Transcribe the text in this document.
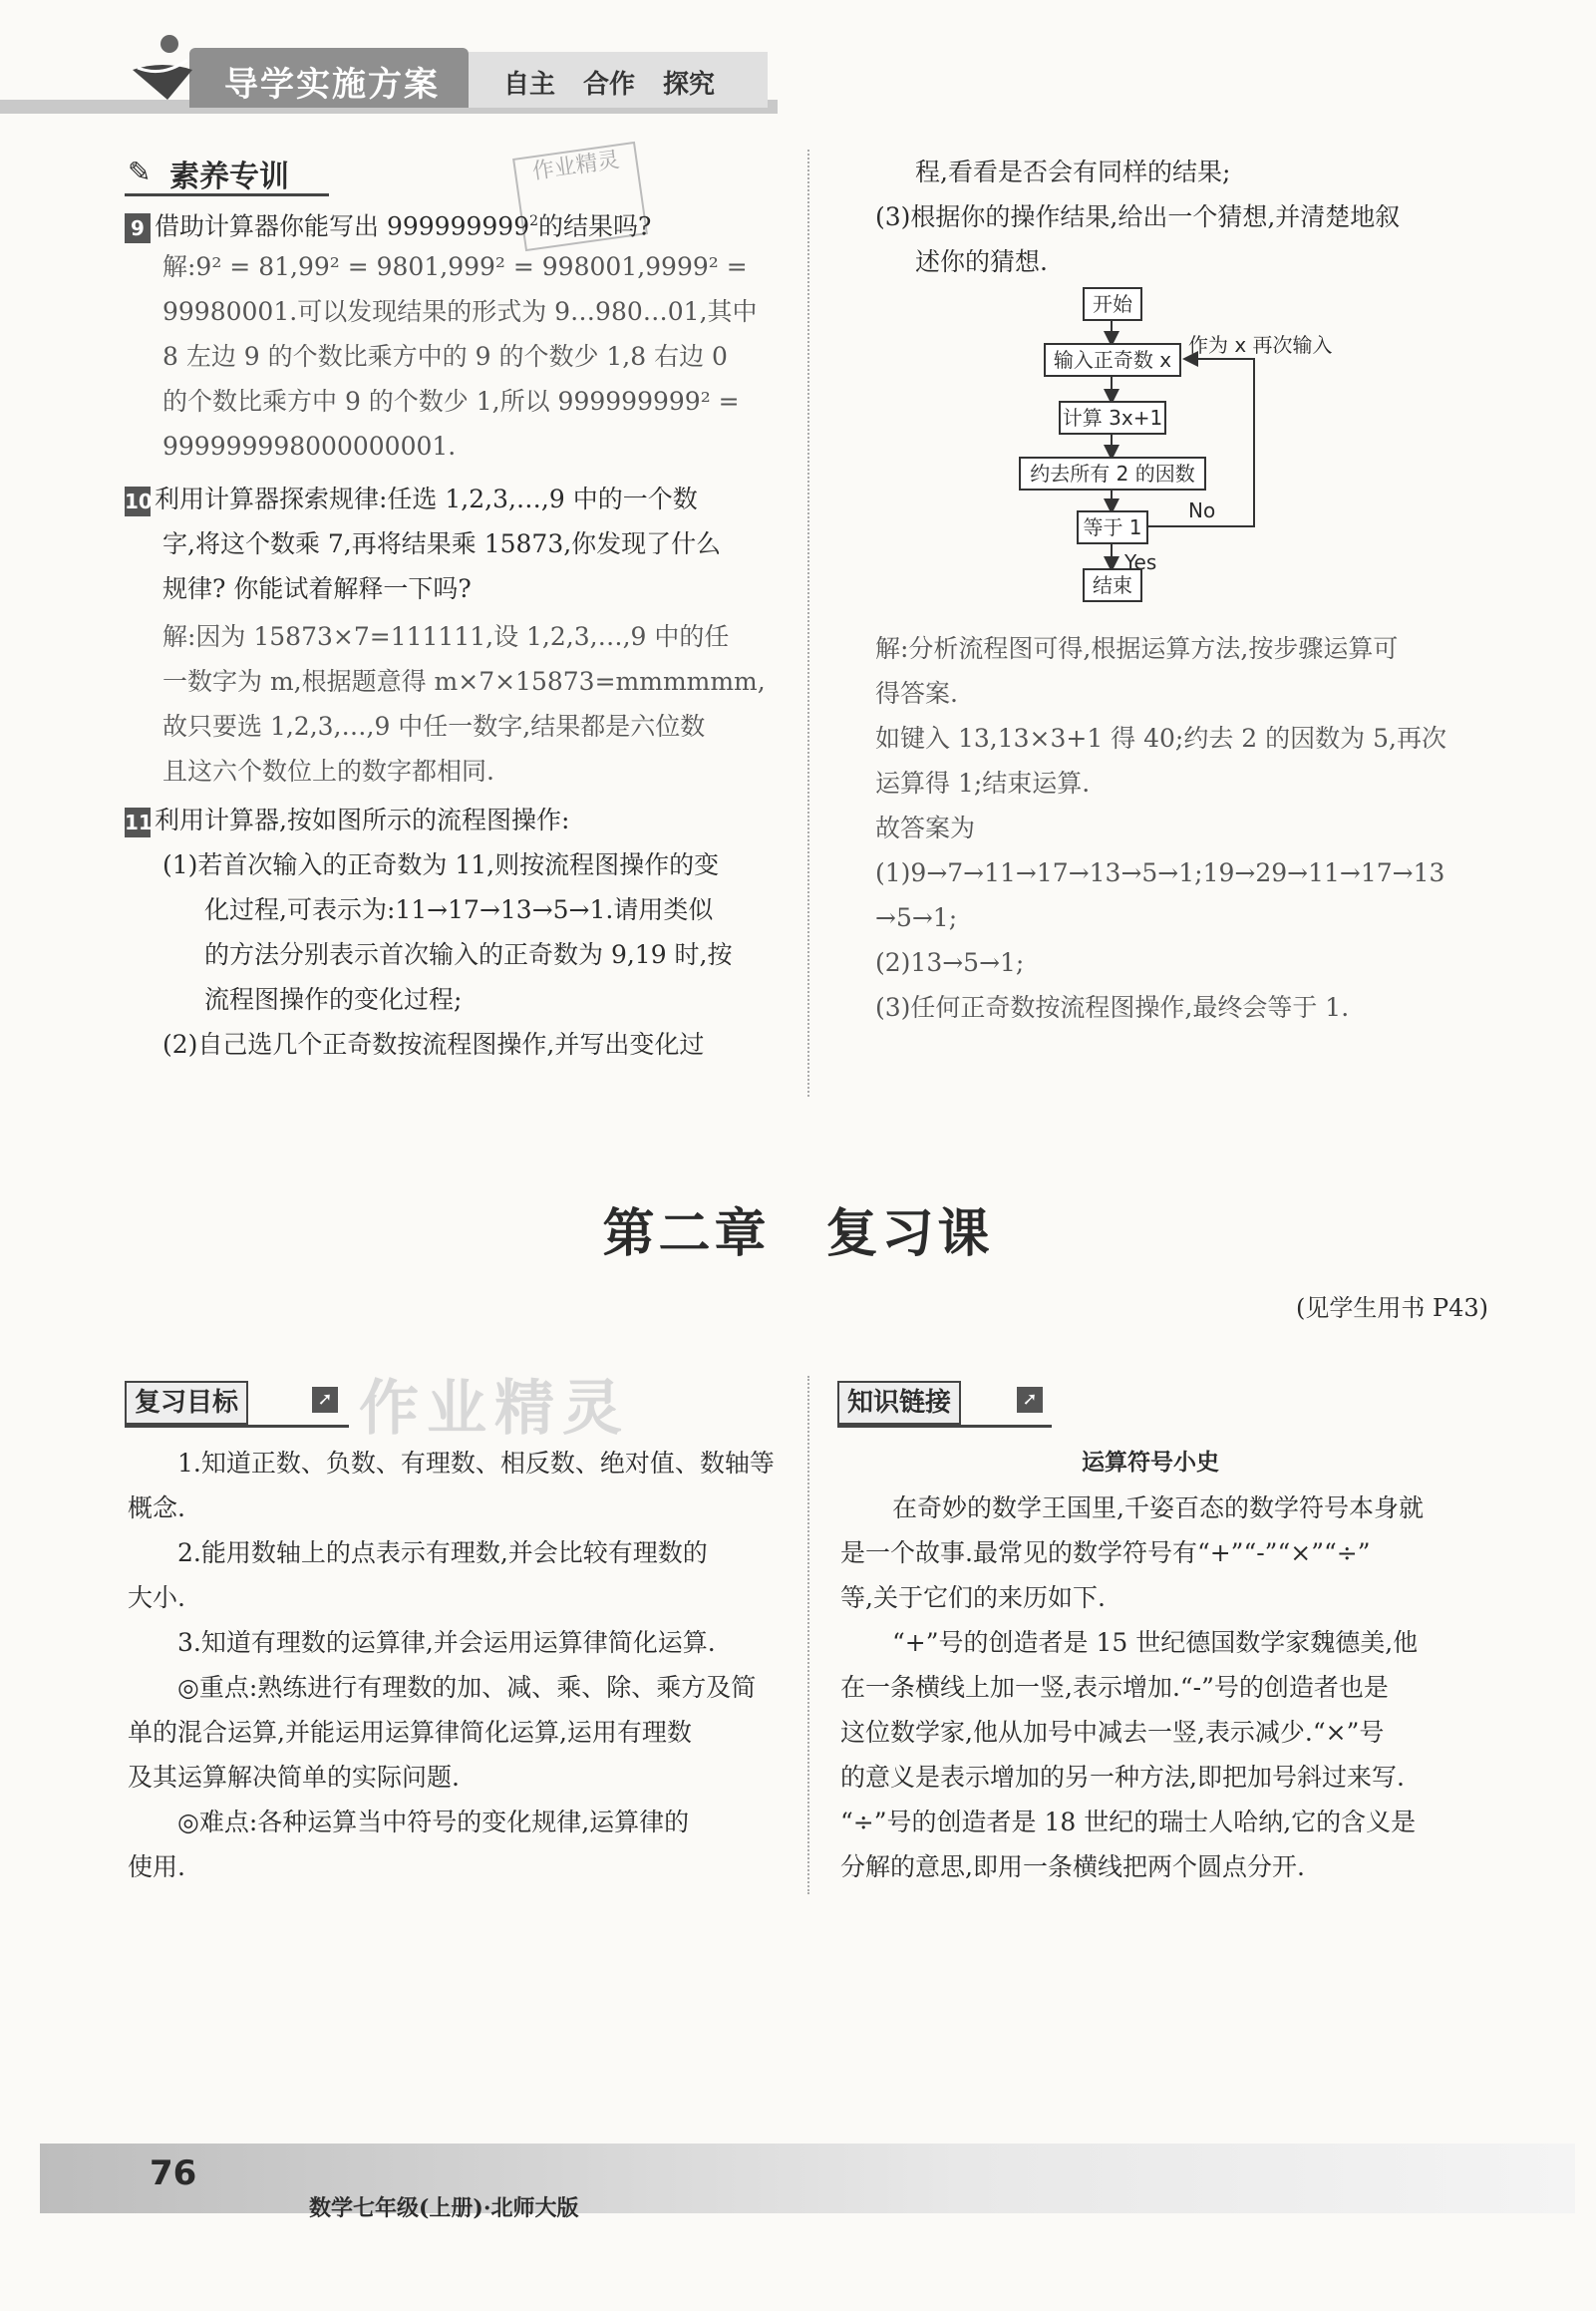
导学实施方案 自主 合作 探究
✎ 素养专训	作业精灵
9 借助计算器你能写出 999999999$^2$的结果吗?
解:9² = 81,99² = 9801,999² = 998001,9999² =
99980001.可以发现结果的形式为 9…980…01,其中
8 左边 9 的个数比乘方中的 9 的个数少 1,8 右边 0
的个数比乘方中 9 的个数少 1,所以 999999999² =
999999998000000001.
10利用计算器探索规律:任选 1,2,3,…,9 中的一个数
字,将这个数乘 7,再将结果乘 15873,你发现了什么
规律? 你能试着解释一下吗?
解:因为 15873×7=111111,设 1,2,3,…,9 中的任
一数字为 m,根据题意得 m×7×15873=mmmmmm,
故只要选 1,2,3,…,9 中任一数字,结果都是六位数
且这六个数位上的数字都相同.
11利用计算器,按如图所示的流程图操作:
(1)若首次输入的正奇数为 11,则按流程图操作的变
化过程,可表示为:11→17→13→5→1.请用类似
的方法分别表示首次输入的正奇数为 9,19 时,按
流程图操作的变化过程;
(2)自己选几个正奇数按流程图操作,并写出变化过
程,看看是否会有同样的结果;
(3)根据你的操作结果,给出一个猜想,并清楚地叙
述你的猜想.
开始
输入正奇数 x
计算 3x+1
约去所有 2 的因数
等于 1
结束
作为 x 再次输入
No
Yes
解:分析流程图可得,根据运算方法,按步骤运算可
得答案.
如键入 13,13×3+1 得 40;约去 2 的因数为 5,再次
运算得 1;结束运算.
故答案为
(1)9→7→11→17→13→5→1;19→29→11→17→13
→5→1;
(2)13→5→1;
(3)任何正奇数按流程图操作,最终会等于 1.
第二章　复习课
(见学生用书 P43)
复习目标	➚ 作业精灵
1.知道正数、负数、有理数、相反数、绝对值、数轴等
概念.
2.能用数轴上的点表示有理数,并会比较有理数的
大小.
3.知道有理数的运算律,并会运用运算律简化运算.
◎重点:熟练进行有理数的加、减、乘、除、乘方及简
单的混合运算,并能运用运算律简化运算,运用有理数
及其运算解决简单的实际问题.
◎难点:各种运算当中符号的变化规律,运算律的
使用.
知识链接	➚
运算符号小史
在奇妙的数学王国里,千姿百态的数学符号本身就
是一个故事.最常见的数学符号有“+”“-”“×”“÷”
等,关于它们的来历如下.
“+”号的创造者是 15 世纪德国数学家魏德美,他
在一条横线上加一竖,表示增加.“-”号的创造者也是
这位数学家,他从加号中减去一竖,表示减少.“×”号
的意义是表示增加的另一种方法,即把加号斜过来写.
“÷”号的创造者是 18 世纪的瑞士人哈纳,它的含义是
分解的意思,即用一条横线把两个圆点分开.
76
数学七年级(上册)·北师大版
